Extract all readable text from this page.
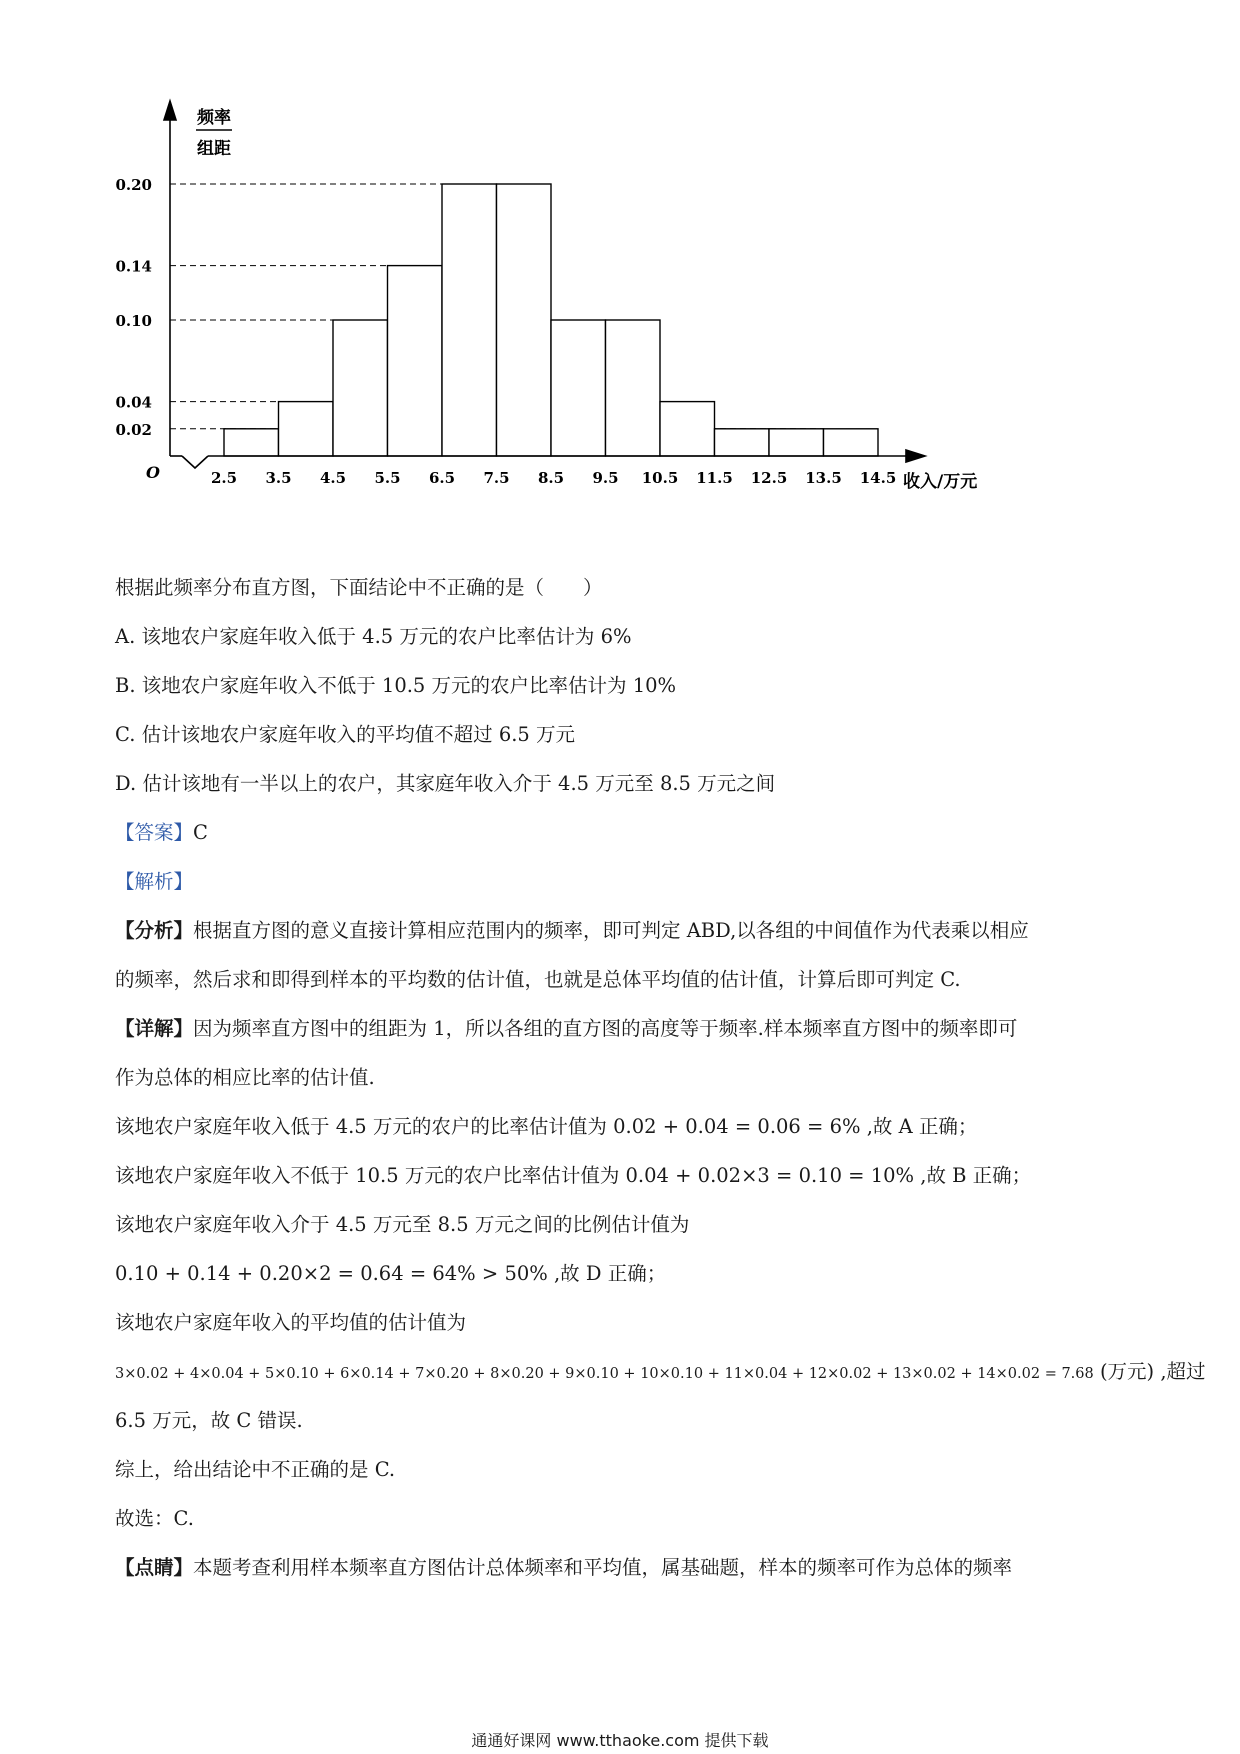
0.02
0.04
0.10
0.14
0.20
2.5 3.5 4.5 5.5 6.5 7.5 8.5 9.5 10.5 11.5 12.5 13.5 14.5
频率
组距
O	收入/万元
根据此频率分布直方图，下面结论中不正确的是（　　）
A. 该地农户家庭年收入低于 4.5 万元的农户比率估计为 6%
B. 该地农户家庭年收入不低于 10.5 万元的农户比率估计为 10%
C. 估计该地农户家庭年收入的平均值不超过 6.5 万元
D. 估计该地有一半以上的农户，其家庭年收入介于 4.5 万元至 8.5 万元之间
【答案】C
【解析】
【分析】根据直方图的意义直接计算相应范围内的频率，即可判定 ABD,以各组的中间值作为代表乘以相应
的频率，然后求和即得到样本的平均数的估计值，也就是总体平均值的估计值，计算后即可判定 C.
【详解】因为频率直方图中的组距为 1，所以各组的直方图的高度等于频率.样本频率直方图中的频率即可
作为总体的相应比率的估计值.
该地农户家庭年收入低于 4.5 万元的农户的比率估计值为 0.02 + 0.04 = 0.06 = 6% ,故 A 正确；
该地农户家庭年收入不低于 10.5 万元的农户比率估计值为 0.04 + 0.02×3 = 0.10 = 10% ,故 B 正确；
该地农户家庭年收入介于 4.5 万元至 8.5 万元之间的比例估计值为
0.10 + 0.14 + 0.20×2 = 0.64 = 64% > 50% ,故 D 正确；
该地农户家庭年收入的平均值的估计值为
3×0.02 + 4×0.04 + 5×0.10 + 6×0.14 + 7×0.20 + 8×0.20 + 9×0.10 + 10×0.10 + 11×0.04 + 12×0.02 + 13×0.02 + 14×0.02 = 7.68 (万元) ,超过
6.5 万元，故 C 错误.
综上，给出结论中不正确的是 C.
故选：C.
【点睛】本题考查利用样本频率直方图估计总体频率和平均值，属基础题，样本的频率可作为总体的频率
通通好课网 www.tthaoke.com 提供下载
